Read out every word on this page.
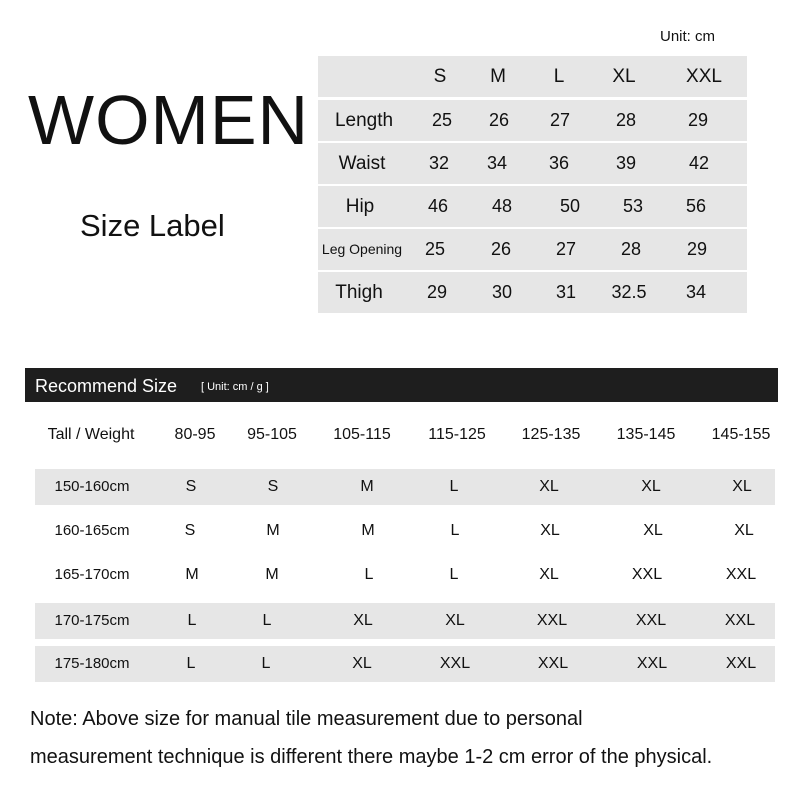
Unit: cm
WOMEN
Size Label
S M	L	XL	XXL
Length 25 26 27	28	29
Waist 32 34 36	39	42
Hip	46 48	50 53 56
Leg Opening 25	26 27 28	29
Thigh 29 30 31 32.5 34
Recommend Size [ Unit: cm / g ]
Tall / Weight	80-95 95-105 105-115 115-125 125-135 135-145 145-155
150-160cm	S	S	M	L	XL	XL	XL
160-165cm	S	M	M	L	XL	XL	XL
165-170cm	M	M	L	L	XL	XXL	XXL
170-175cm	L	L	XL	XL	XXL	XXL	XXL
175-180cm	L	L	XL	XXL	XXL	XXL	XXL
Note: Above size for manual tile measurement due to personal
measurement technique is different there maybe 1-2 cm error of the physical.
